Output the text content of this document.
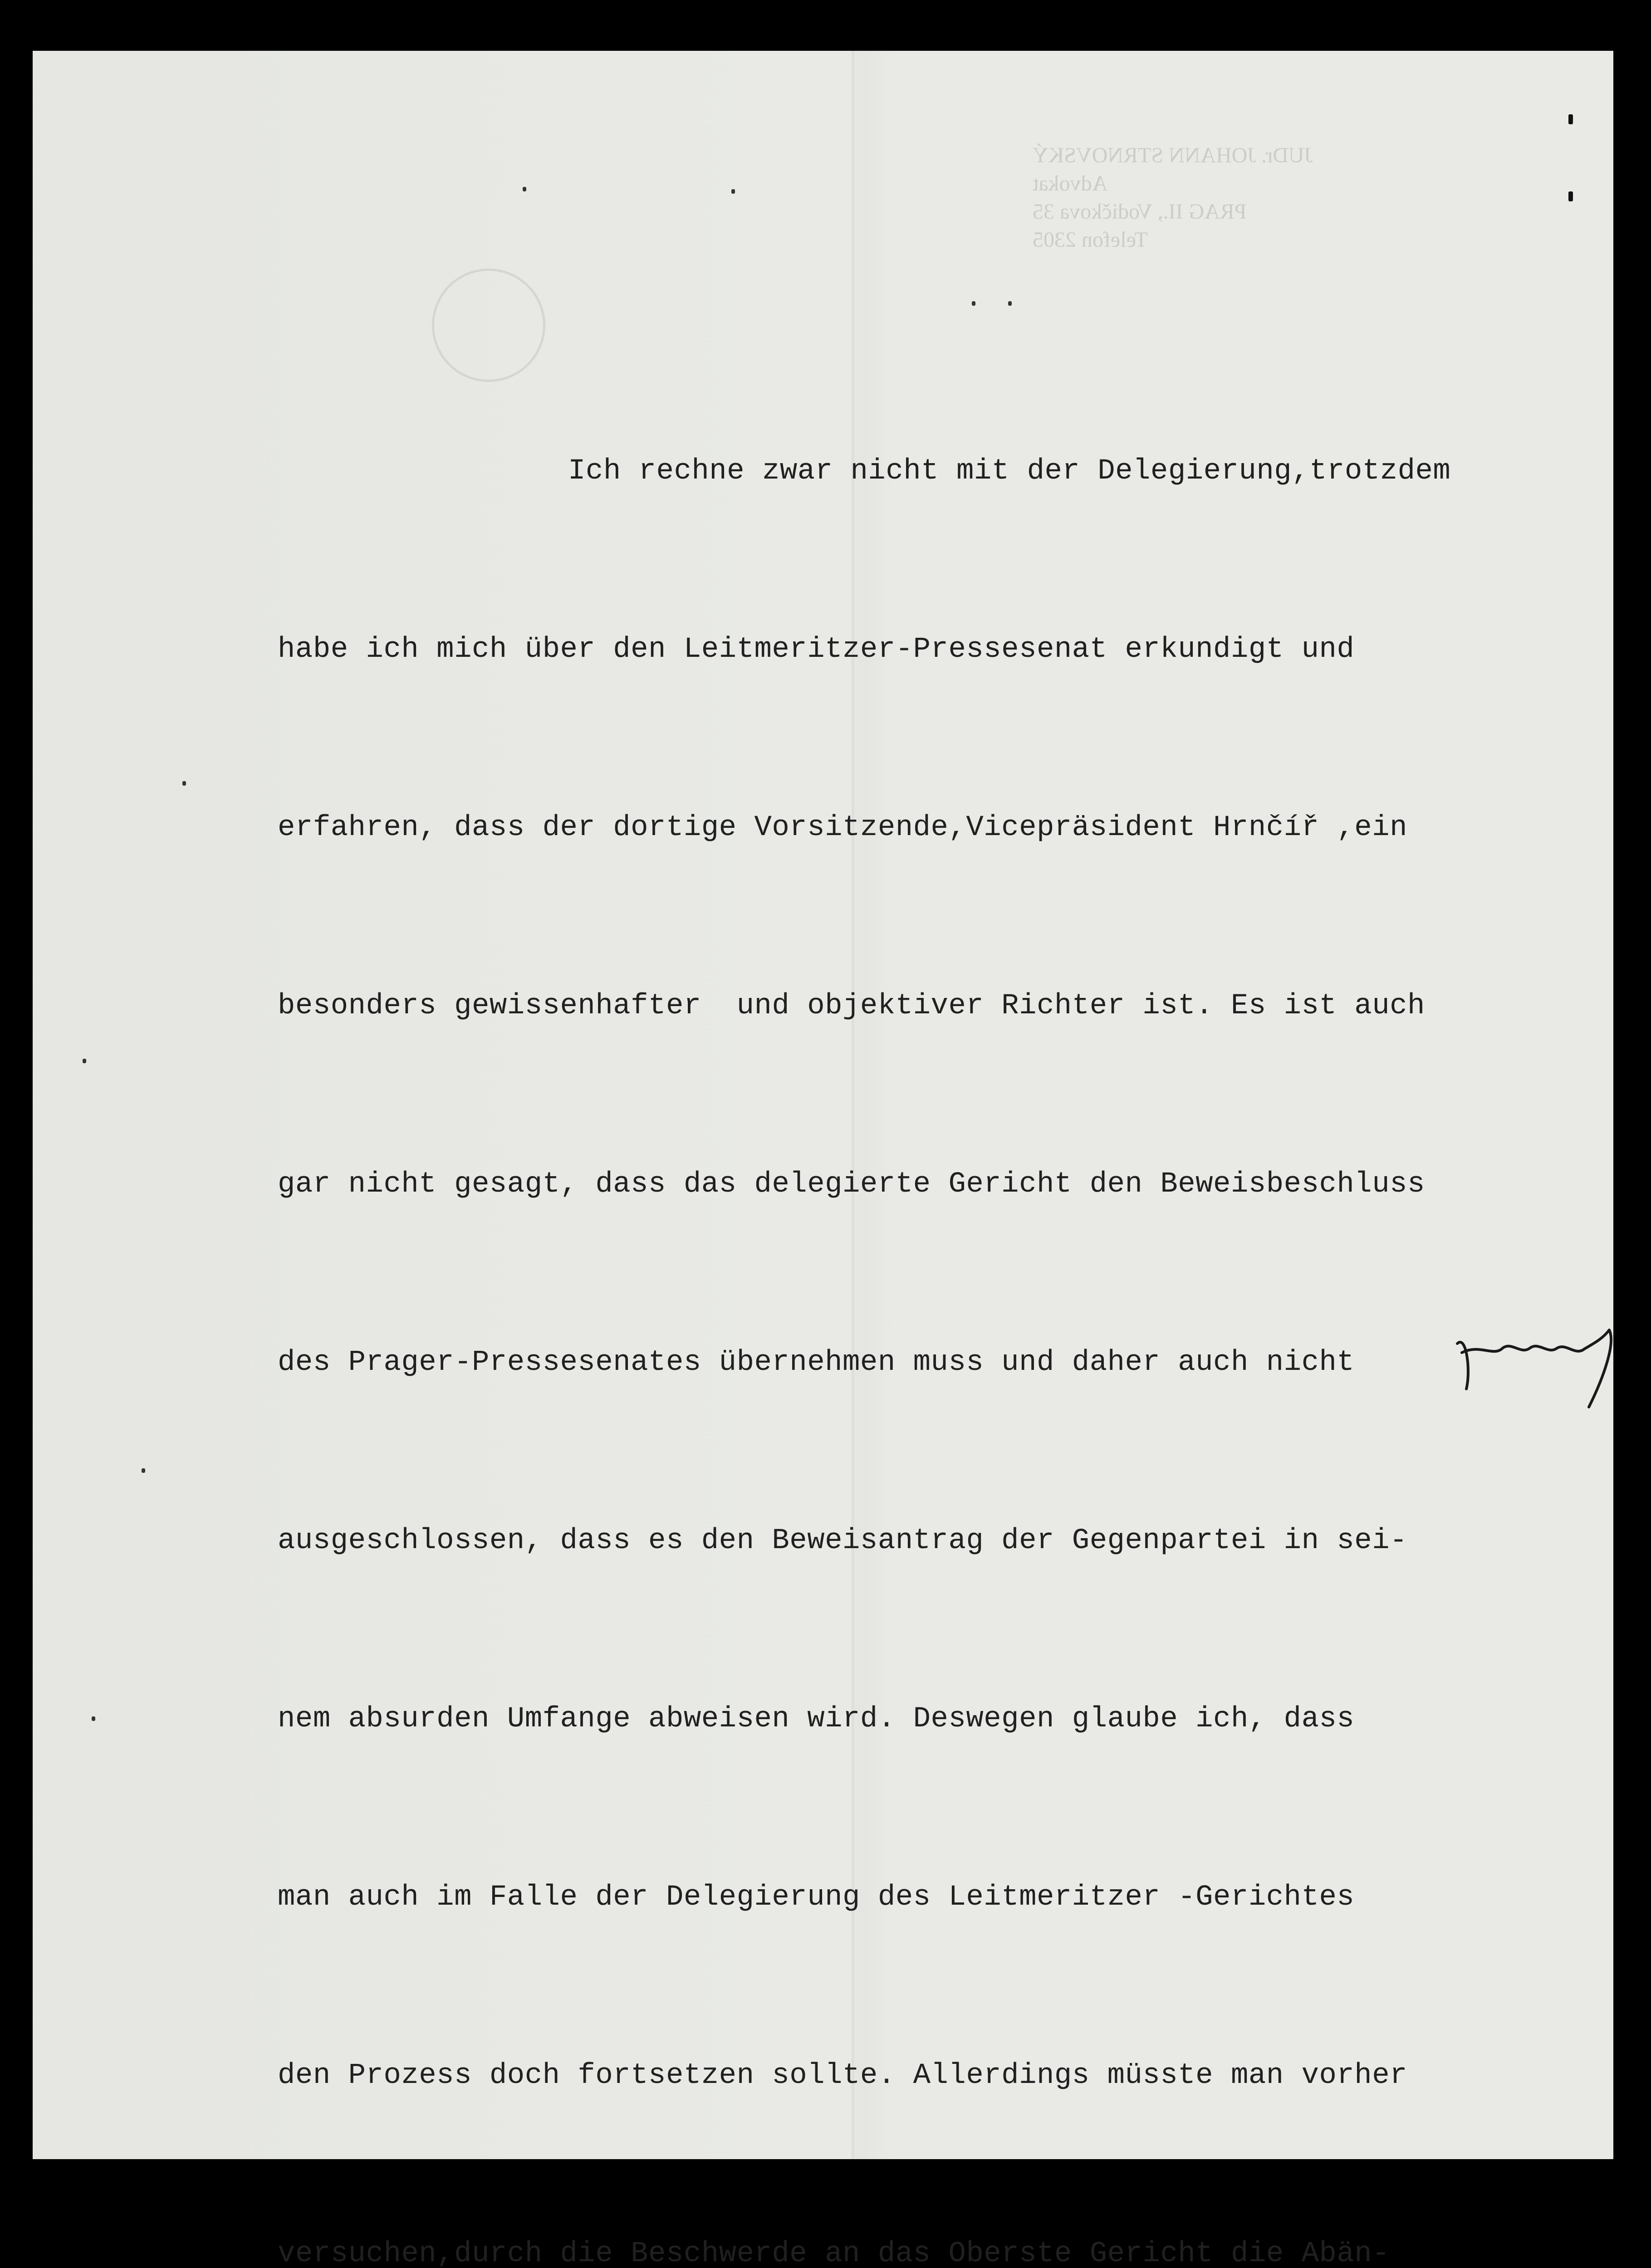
JUDr. JOHANN STRNOVSKÝ
Advokat
PRAG II., Vodičkova 35
Telefon 2305

Ich rechne zwar nicht mit der Delegierung,trotzdem

habe ich mich über den Leitmeritzer-Pressesenat erkundigt und

erfahren, dass der dortige Vorsitzende,Vicepräsident Hrnčíř ,ein

besonders gewissenhafter  und objektiver Richter ist. Es ist auch

gar nicht gesagt, dass das delegierte Gericht den Beweisbeschluss

des Prager-Pressesenates übernehmen muss und daher auch nicht

ausgeschlossen, dass es den Beweisantrag der Gegenpartei in sei-

nem absurden Umfange abweisen wird. Deswegen glaube ich, dass

man auch im Falle der Delegierung des Leitmeritzer -Gerichtes

den Prozess doch fortsetzen sollte. Allerdings müsste man vorher

versuchen,durch die Beschwerde an das Oberste Gericht die Abän-
